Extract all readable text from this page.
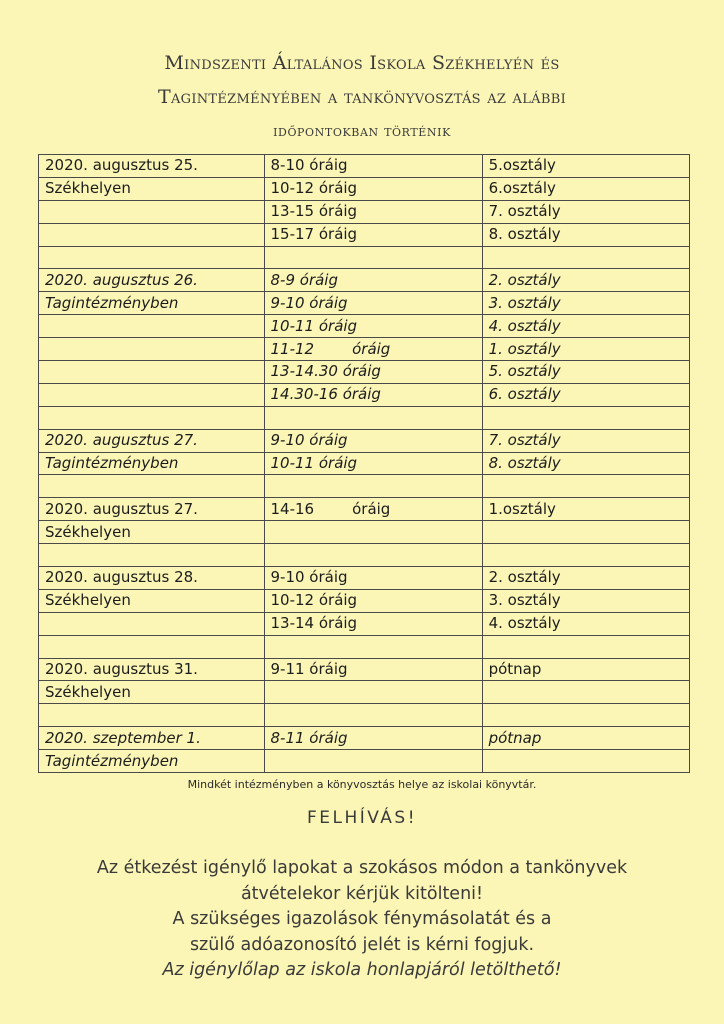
Mindszenti Általános Iskola Székhelyén és
Tagintézményében a tankönyvosztás az alábbi
időpontokban történik
2020. augusztus 25.	8-10 óráig	5.osztály
Székhelyen	10-12 óráig	6.osztály
	13-15 óráig	7. osztály
	15-17 óráig	8. osztály

2020. augusztus 26.	8-9 óráig	2. osztály
Tagintézményben	9-10 óráig	3. osztály
	10-11 óráig	4. osztály
	11-12 óráig	1. osztály
	13-14.30 óráig	5. osztály
	14.30-16 óráig	6. osztály

2020. augusztus 27.	9-10 óráig	7. osztály
Tagintézményben	10-11 óráig	8. osztály

2020. augusztus 27.	14-16 óráig	1.osztály
Székhelyen		

2020. augusztus 28.	9-10 óráig	2. osztály
Székhelyen	10-12 óráig	3. osztály
	13-14 óráig	4. osztály

2020. augusztus 31.	9-11 óráig	pótnap
Székhelyen		

2020. szeptember 1.	8-11 óráig	pótnap
Tagintézményben		
Mindkét intézményben a könyvosztás helye az iskolai könyvtár.
FELHÍVÁS!
Az étkezést igénylő lapokat a szokásos módon a tankönyvek
átvételekor kérjük kitölteni!
A szükséges igazolások fénymásolatát és a
szülő adóazonosító jelét is kérni fogjuk.
Az igénylőlap az iskola honlapjáról letölthető!
